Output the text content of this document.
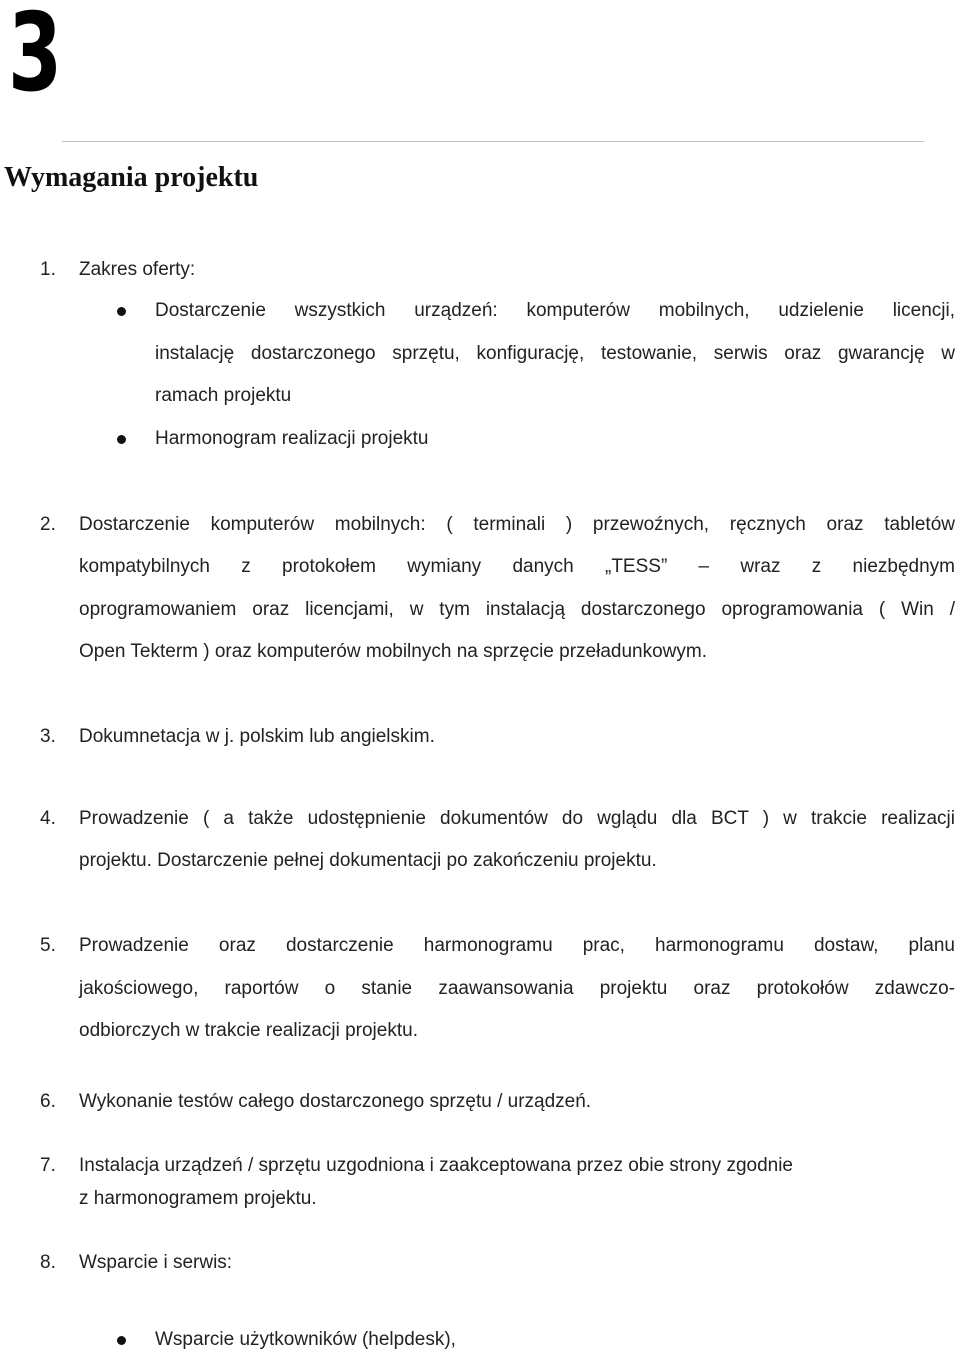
3
Wymagania projektu
1. Zakres oferty:
Dostarczenie wszystkich urządzeń: komputerów mobilnych, udzielenie licencji,
instalację dostarczonego sprzętu, konfigurację, testowanie, serwis oraz gwarancję w
ramach projektu
Harmonogram realizacji projektu
2. Dostarczenie komputerów mobilnych: ( terminali ) przewoźnych, ręcznych oraz tabletów
kompatybilnych z protokołem wymiany danych „TESS” – wraz z niezbędnym
oprogramowaniem oraz licencjami, w tym instalacją dostarczonego oprogramowania ( Win /
Open Tekterm ) oraz komputerów mobilnych na sprzęcie przeładunkowym.
3. Dokumnetacja w j. polskim lub angielskim.
4. Prowadzenie ( a także udostępnienie dokumentów do wglądu dla BCT ) w trakcie realizacji
projektu. Dostarczenie pełnej dokumentacji po zakończeniu projektu.
5. Prowadzenie oraz dostarczenie harmonogramu prac, harmonogramu dostaw, planu
jakościowego, raportów o stanie zaawansowania projektu oraz protokołów zdawczo-
odbiorczych w trakcie realizacji projektu.
6. Wykonanie testów całego dostarczonego sprzętu / urządzeń.
7. Instalacja urządzeń / sprzętu uzgodniona i zaakceptowana przez obie strony zgodnie
z harmonogramem projektu.
8. Wsparcie i serwis:
Wsparcie użytkowników (helpdesk),
